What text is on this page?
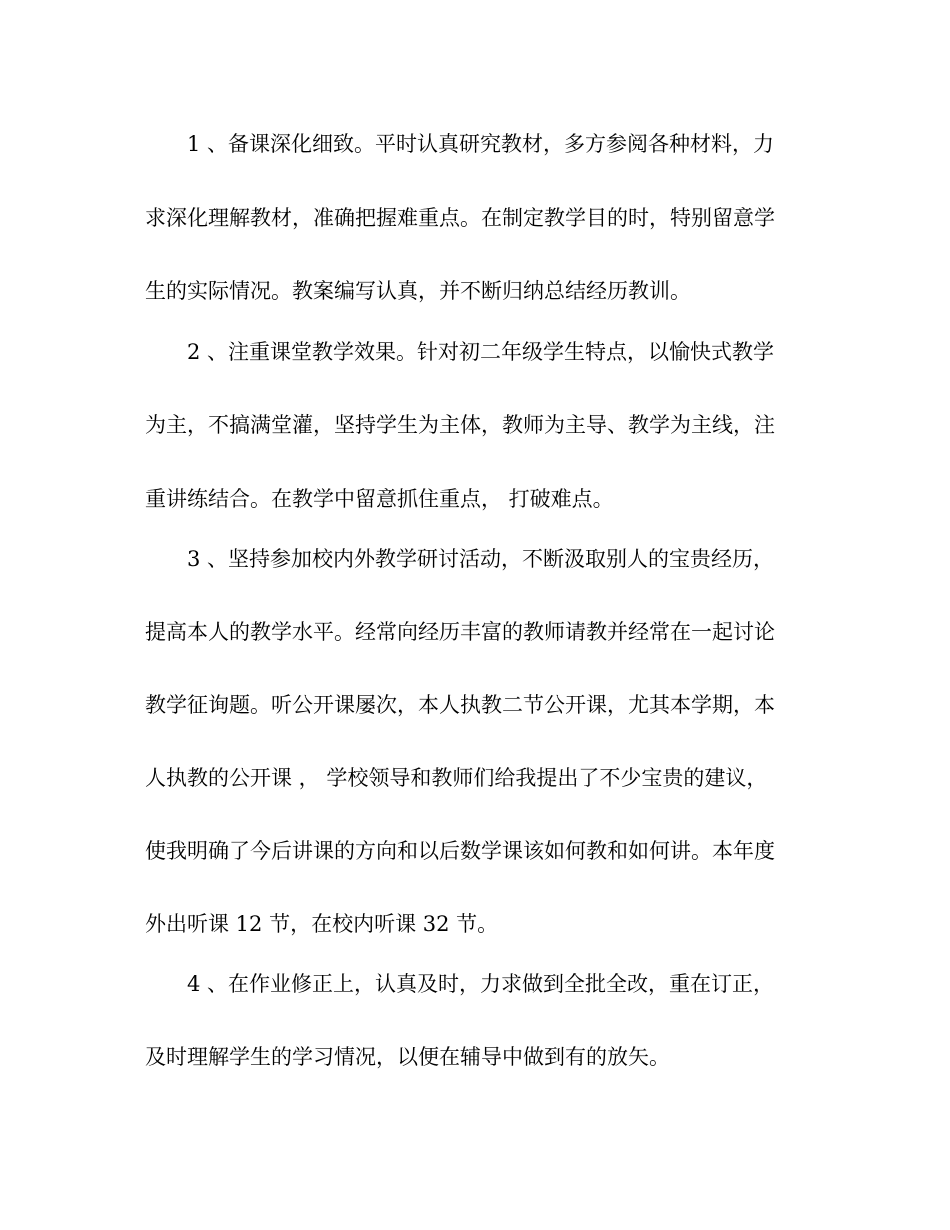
1 、备课深化细致。平时认真研究教材，多方参阅各种材料，力
求深化理解教材，准确把握难重点。在制定教学目的时，特别留意学
生的实际情况。教案编写认真，并不断归纳总结经历教训。
2 、注重课堂教学效果。针对初二年级学生特点，以愉快式教学
为主，不搞满堂灌，坚持学生为主体，教师为主导、教学为主线，注
重讲练结合。在教学中留意抓住重点， 打破难点。
3 、坚持参加校内外教学研讨活动，不断汲取别人的宝贵经历，
提高本人的教学水平。经常向经历丰富的教师请教并经常在一起讨论
教学征询题。听公开课屡次，本人执教二节公开课，尤其本学期，本
人执教的公开课 ， 学校领导和教师们给我提出了不少宝贵的建议，
使我明确了今后讲课的方向和以后数学课该如何教和如何讲。本年度
外出听课 12 节，在校内听课 32 节。
4 、在作业修正上，认真及时，力求做到全批全改，重在订正，
及时理解学生的学习情况，以便在辅导中做到有的放矢。
